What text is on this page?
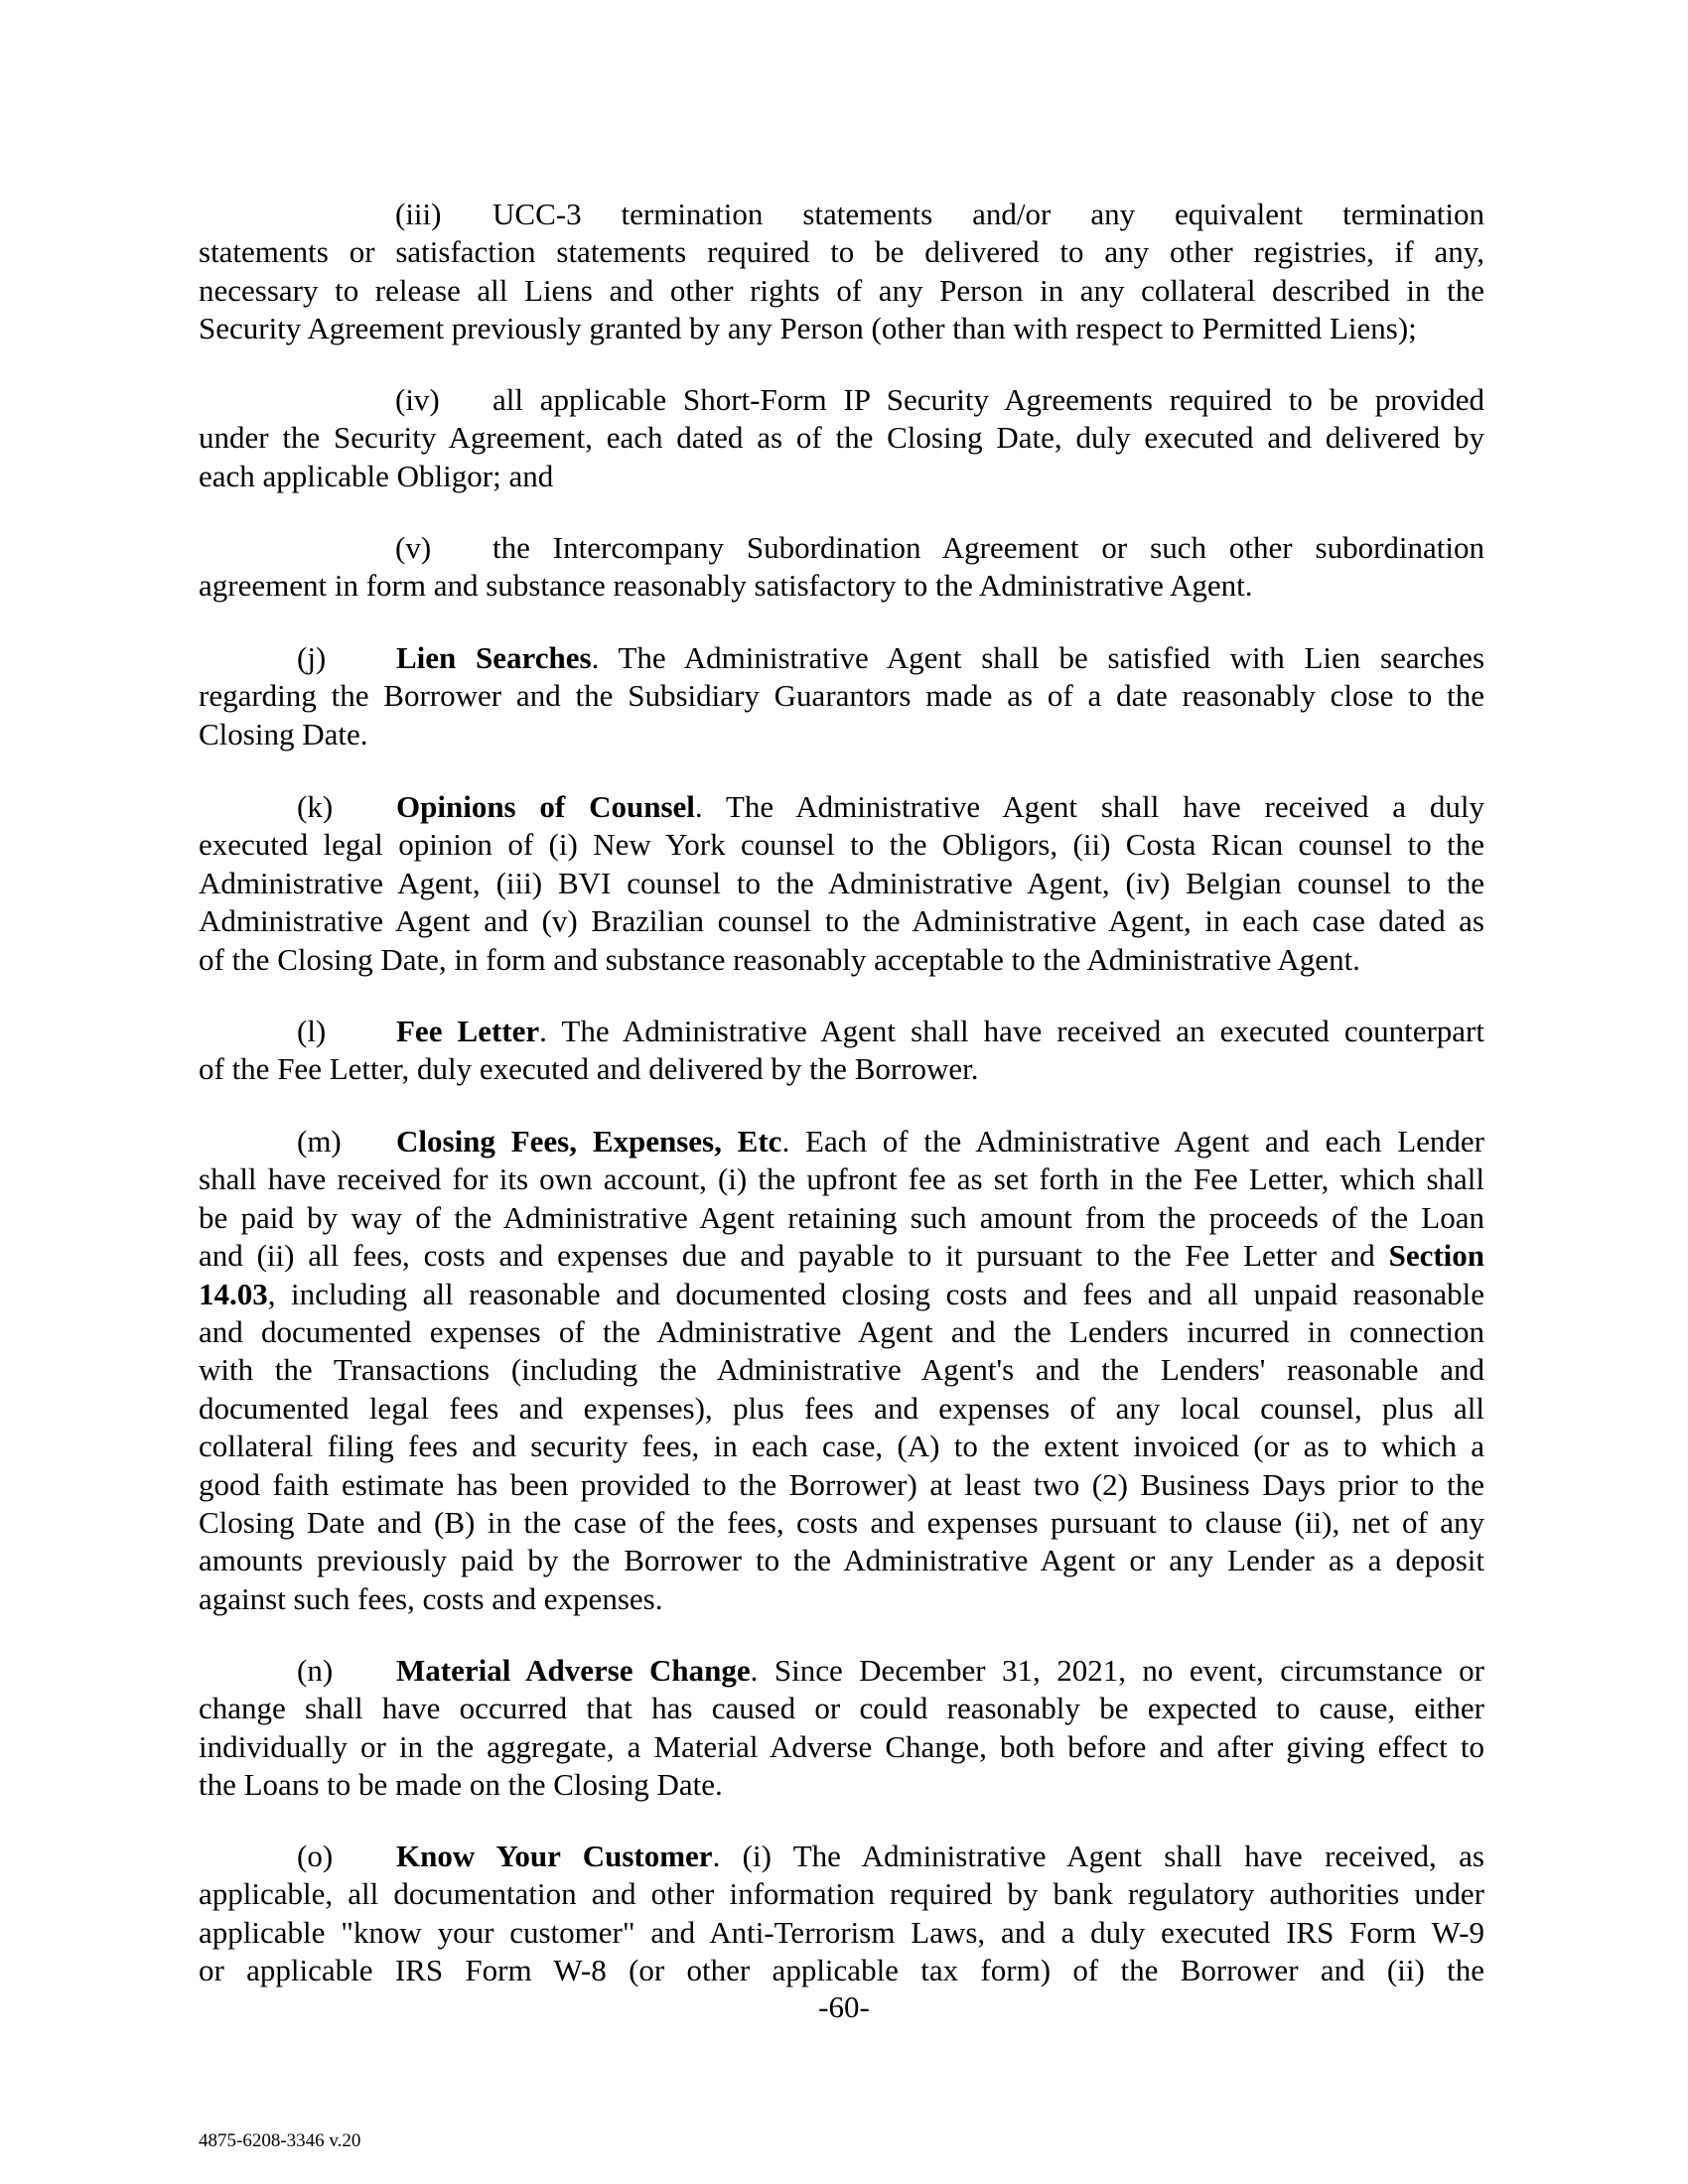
(iii) UCC-3 termination statements and/or any equivalent termination
statements or satisfaction statements required to be delivered to any other registries, if any,
necessary to release all Liens and other rights of any Person in any collateral described in the
Security Agreement previously granted by any Person (other than with respect to Permitted Liens);
(iv) all applicable Short-Form IP Security Agreements required to be provided
under the Security Agreement, each dated as of the Closing Date, duly executed and delivered by
each applicable Obligor; and
(v) the Intercompany Subordination Agreement or such other subordination
agreement in form and substance reasonably satisfactory to the Administrative Agent.
(j) Lien Searches. The Administrative Agent shall be satisfied with Lien searches
regarding the Borrower and the Subsidiary Guarantors made as of a date reasonably close to the
Closing Date.
(k) Opinions of Counsel. The Administrative Agent shall have received a duly
executed legal opinion of (i) New York counsel to the Obligors, (ii) Costa Rican counsel to the
Administrative Agent, (iii) BVI counsel to the Administrative Agent, (iv) Belgian counsel to the
Administrative Agent and (v) Brazilian counsel to the Administrative Agent, in each case dated as
of the Closing Date, in form and substance reasonably acceptable to the Administrative Agent.
(l) Fee Letter. The Administrative Agent shall have received an executed counterpart
of the Fee Letter, duly executed and delivered by the Borrower.
(m) Closing Fees, Expenses, Etc. Each of the Administrative Agent and each Lender
shall have received for its own account, (i) the upfront fee as set forth in the Fee Letter, which shall
be paid by way of the Administrative Agent retaining such amount from the proceeds of the Loan
and (ii) all fees, costs and expenses due and payable to it pursuant to the Fee Letter and Section
14.03, including all reasonable and documented closing costs and fees and all unpaid reasonable
and documented expenses of the Administrative Agent and the Lenders incurred in connection
with the Transactions (including the Administrative Agent's and the Lenders' reasonable and
documented legal fees and expenses), plus fees and expenses of any local counsel, plus all
collateral filing fees and security fees, in each case, (A) to the extent invoiced (or as to which a
good faith estimate has been provided to the Borrower) at least two (2) Business Days prior to the
Closing Date and (B) in the case of the fees, costs and expenses pursuant to clause (ii), net of any
amounts previously paid by the Borrower to the Administrative Agent or any Lender as a deposit
against such fees, costs and expenses.
(n) Material Adverse Change. Since December 31, 2021, no event, circumstance or
change shall have occurred that has caused or could reasonably be expected to cause, either
individually or in the aggregate, a Material Adverse Change, both before and after giving effect to
the Loans to be made on the Closing Date.
(o) Know Your Customer. (i) The Administrative Agent shall have received, as
applicable, all documentation and other information required by bank regulatory authorities under
applicable "know your customer" and Anti-Terrorism Laws, and a duly executed IRS Form W-9
or applicable IRS Form W-8 (or other applicable tax form) of the Borrower and (ii) the
-60-
4875-6208-3346 v.20
